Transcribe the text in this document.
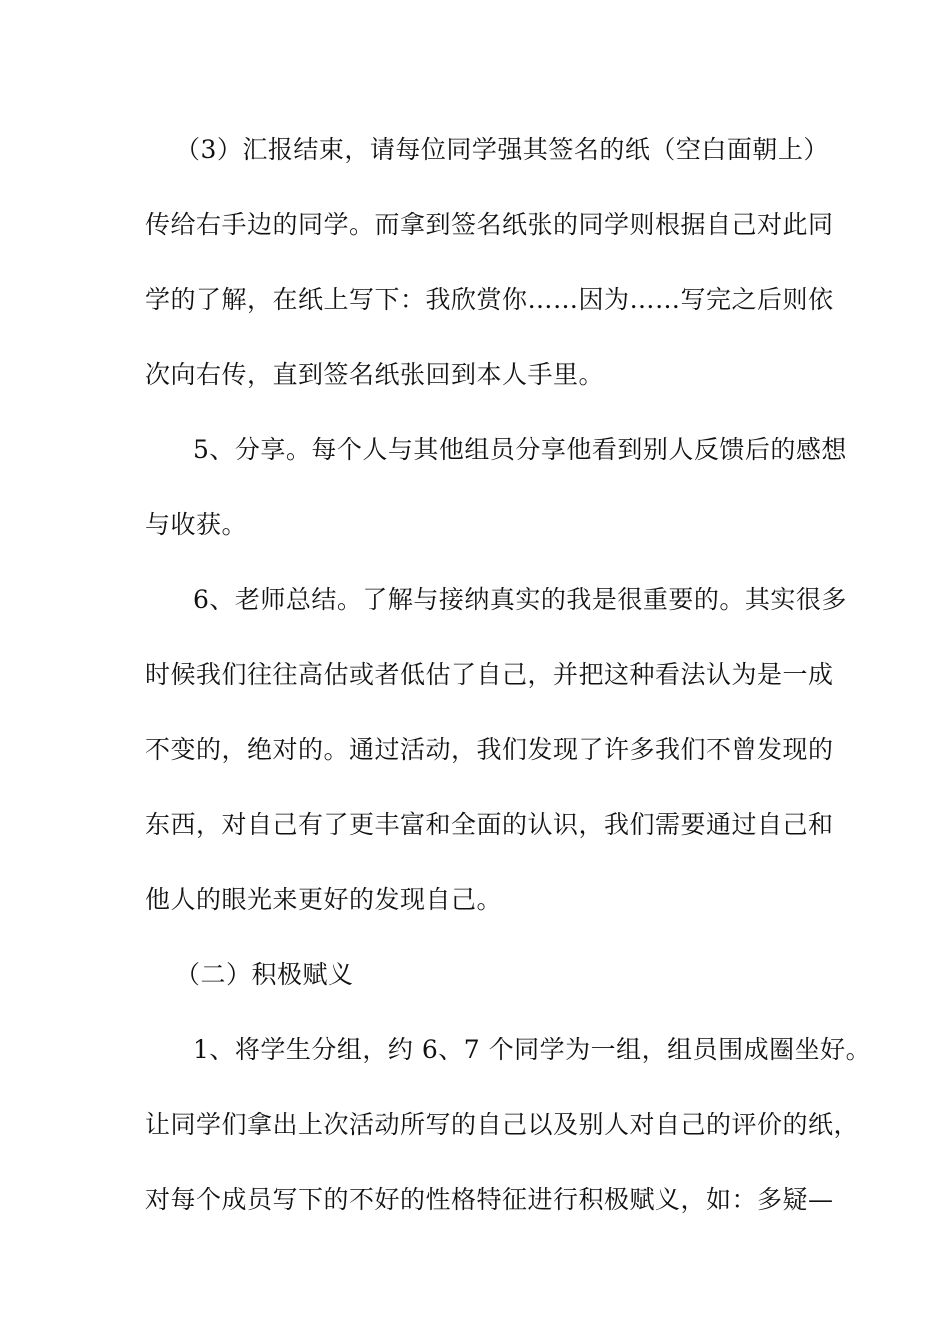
（3）汇报结束，请每位同学强其签名的纸（空白面朝上）
传给右手边的同学。而拿到签名纸张的同学则根据自己对此同
学的了解，在纸上写下：我欣赏你……因为……写完之后则依
次向右传，直到签名纸张回到本人手里。
5、分享。每个人与其他组员分享他看到别人反馈后的感想
与收获。
6、老师总结。了解与接纳真实的我是很重要的。其实很多
时候我们往往高估或者低估了自己，并把这种看法认为是一成
不变的，绝对的。通过活动，我们发现了许多我们不曾发现的
东西，对自己有了更丰富和全面的认识，我们需要通过自己和
他人的眼光来更好的发现自己。
（二）积极赋义
1、将学生分组，约 6、7 个同学为一组，组员围成圈坐好。
让同学们拿出上次活动所写的自己以及别人对自己的评价的纸，
对每个成员写下的不好的性格特征进行积极赋义，如：多疑—
